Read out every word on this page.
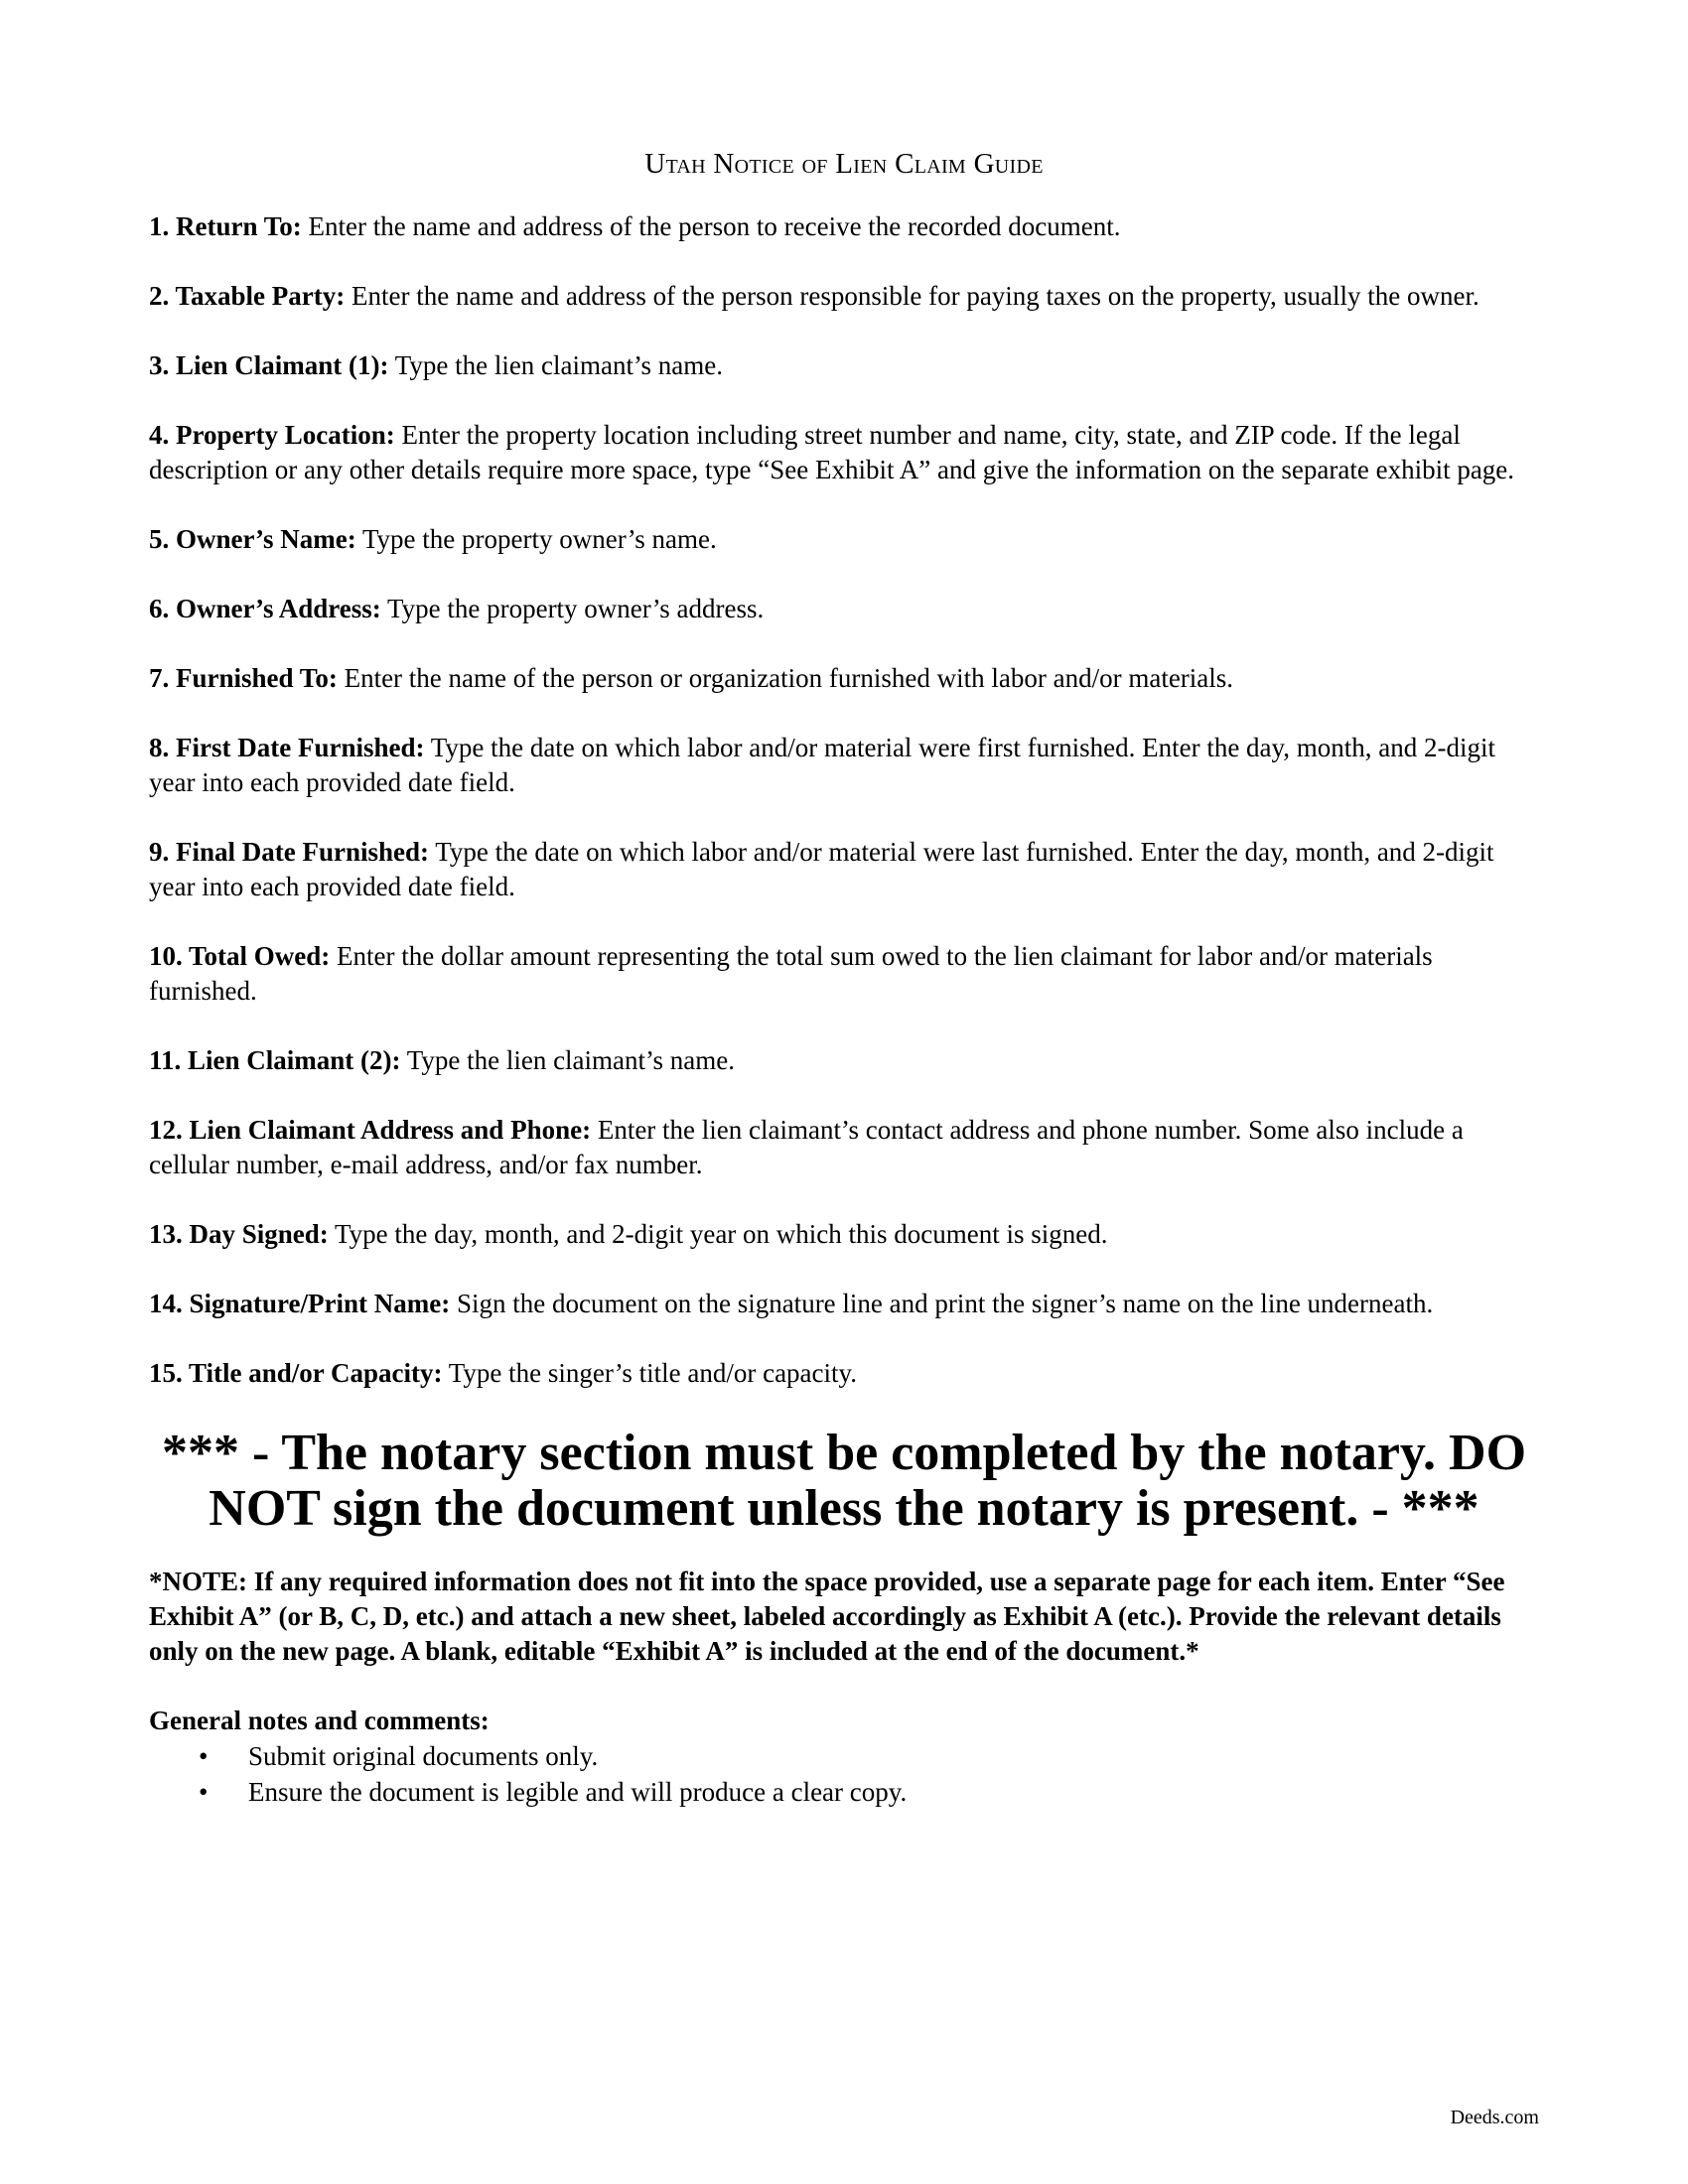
Utah Notice of Lien Claim Guide
1. Return To: Enter the name and address of the person to receive the recorded document.
2. Taxable Party: Enter the name and address of the person responsible for paying taxes on the property, usually the owner.
3. Lien Claimant (1): Type the lien claimant’s name.
4. Property Location: Enter the property location including street number and name, city, state, and ZIP code. If the legal description or any other details require more space, type “See Exhibit A” and give the information on the separate exhibit page.
5. Owner’s Name: Type the property owner’s name.
6. Owner’s Address: Type the property owner’s address.
7. Furnished To: Enter the name of the person or organization furnished with labor and/or materials.
8. First Date Furnished: Type the date on which labor and/or material were first furnished. Enter the day, month, and 2-digit year into each provided date field.
9. Final Date Furnished: Type the date on which labor and/or material were last furnished. Enter the day, month, and 2-digit year into each provided date field.
10. Total Owed: Enter the dollar amount representing the total sum owed to the lien claimant for labor and/or materials furnished.
11. Lien Claimant (2): Type the lien claimant’s name.
12. Lien Claimant Address and Phone: Enter the lien claimant’s contact address and phone number. Some also include a cellular number, e-mail address, and/or fax number.
13. Day Signed: Type the day, month, and 2-digit year on which this document is signed.
14. Signature/Print Name: Sign the document on the signature line and print the signer’s name on the line underneath.
15. Title and/or Capacity: Type the singer’s title and/or capacity.
*** - The notary section must be completed by the notary. DO NOT sign the document unless the notary is present. - ***
*NOTE: If any required information does not fit into the space provided, use a separate page for each item. Enter “See Exhibit A” (or B, C, D, etc.) and attach a new sheet, labeled accordingly as Exhibit A (etc.). Provide the relevant details only on the new page. A blank, editable “Exhibit A” is included at the end of the document.*
General notes and comments:
• Submit original documents only.
• Ensure the document is legible and will produce a clear copy.
Deeds.com
